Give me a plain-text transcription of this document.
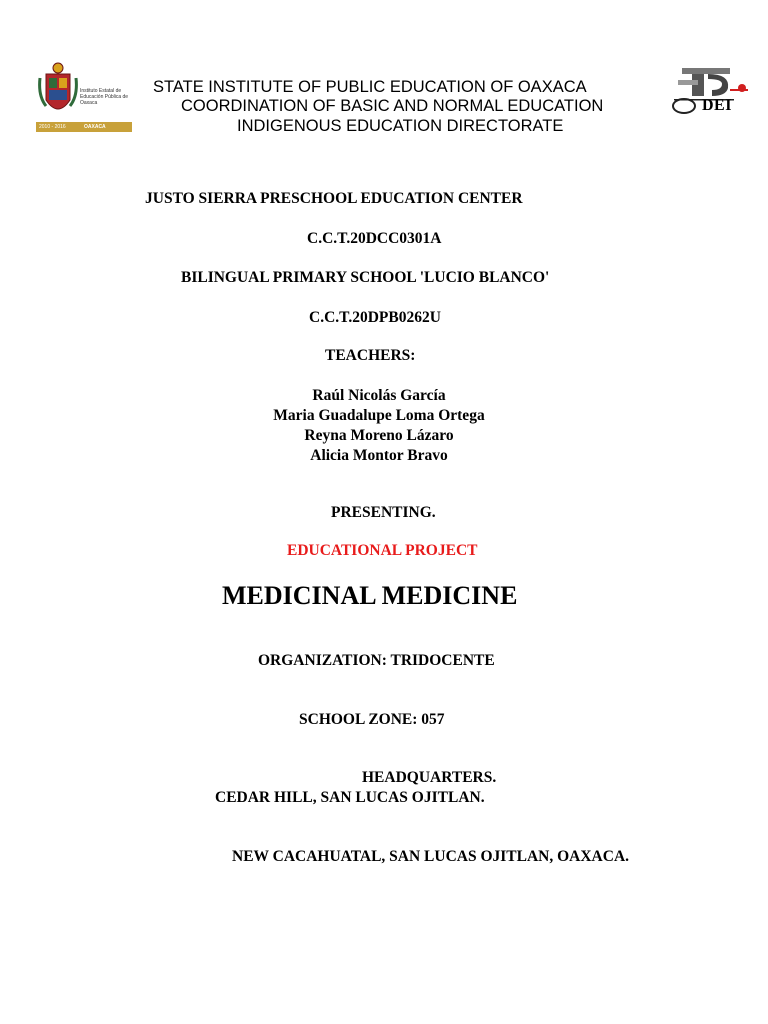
Instituto Estatal de Educación Pública de Oaxaca
2010 - 2016	OAXACA
DEI
STATE INSTITUTE OF PUBLIC EDUCATION OF OAXACA
COORDINATION OF BASIC AND NORMAL EDUCATION
INDIGENOUS EDUCATION DIRECTORATE
JUSTO SIERRA PRESCHOOL EDUCATION CENTER
C.C.T.20DCC0301A
BILINGUAL PRIMARY SCHOOL 'LUCIO BLANCO'
C.C.T.20DPB0262U
TEACHERS:
Raúl Nicolás García
Maria Guadalupe Loma Ortega
Reyna Moreno Lázaro
Alicia Montor Bravo
PRESENTING.
EDUCATIONAL PROJECT
MEDICINAL MEDICINE
ORGANIZATION: TRIDOCENTE
SCHOOL ZONE: 057
HEADQUARTERS.
CEDAR HILL, SAN LUCAS OJITLAN.
NEW CACAHUATAL, SAN LUCAS OJITLAN, OAXACA.
